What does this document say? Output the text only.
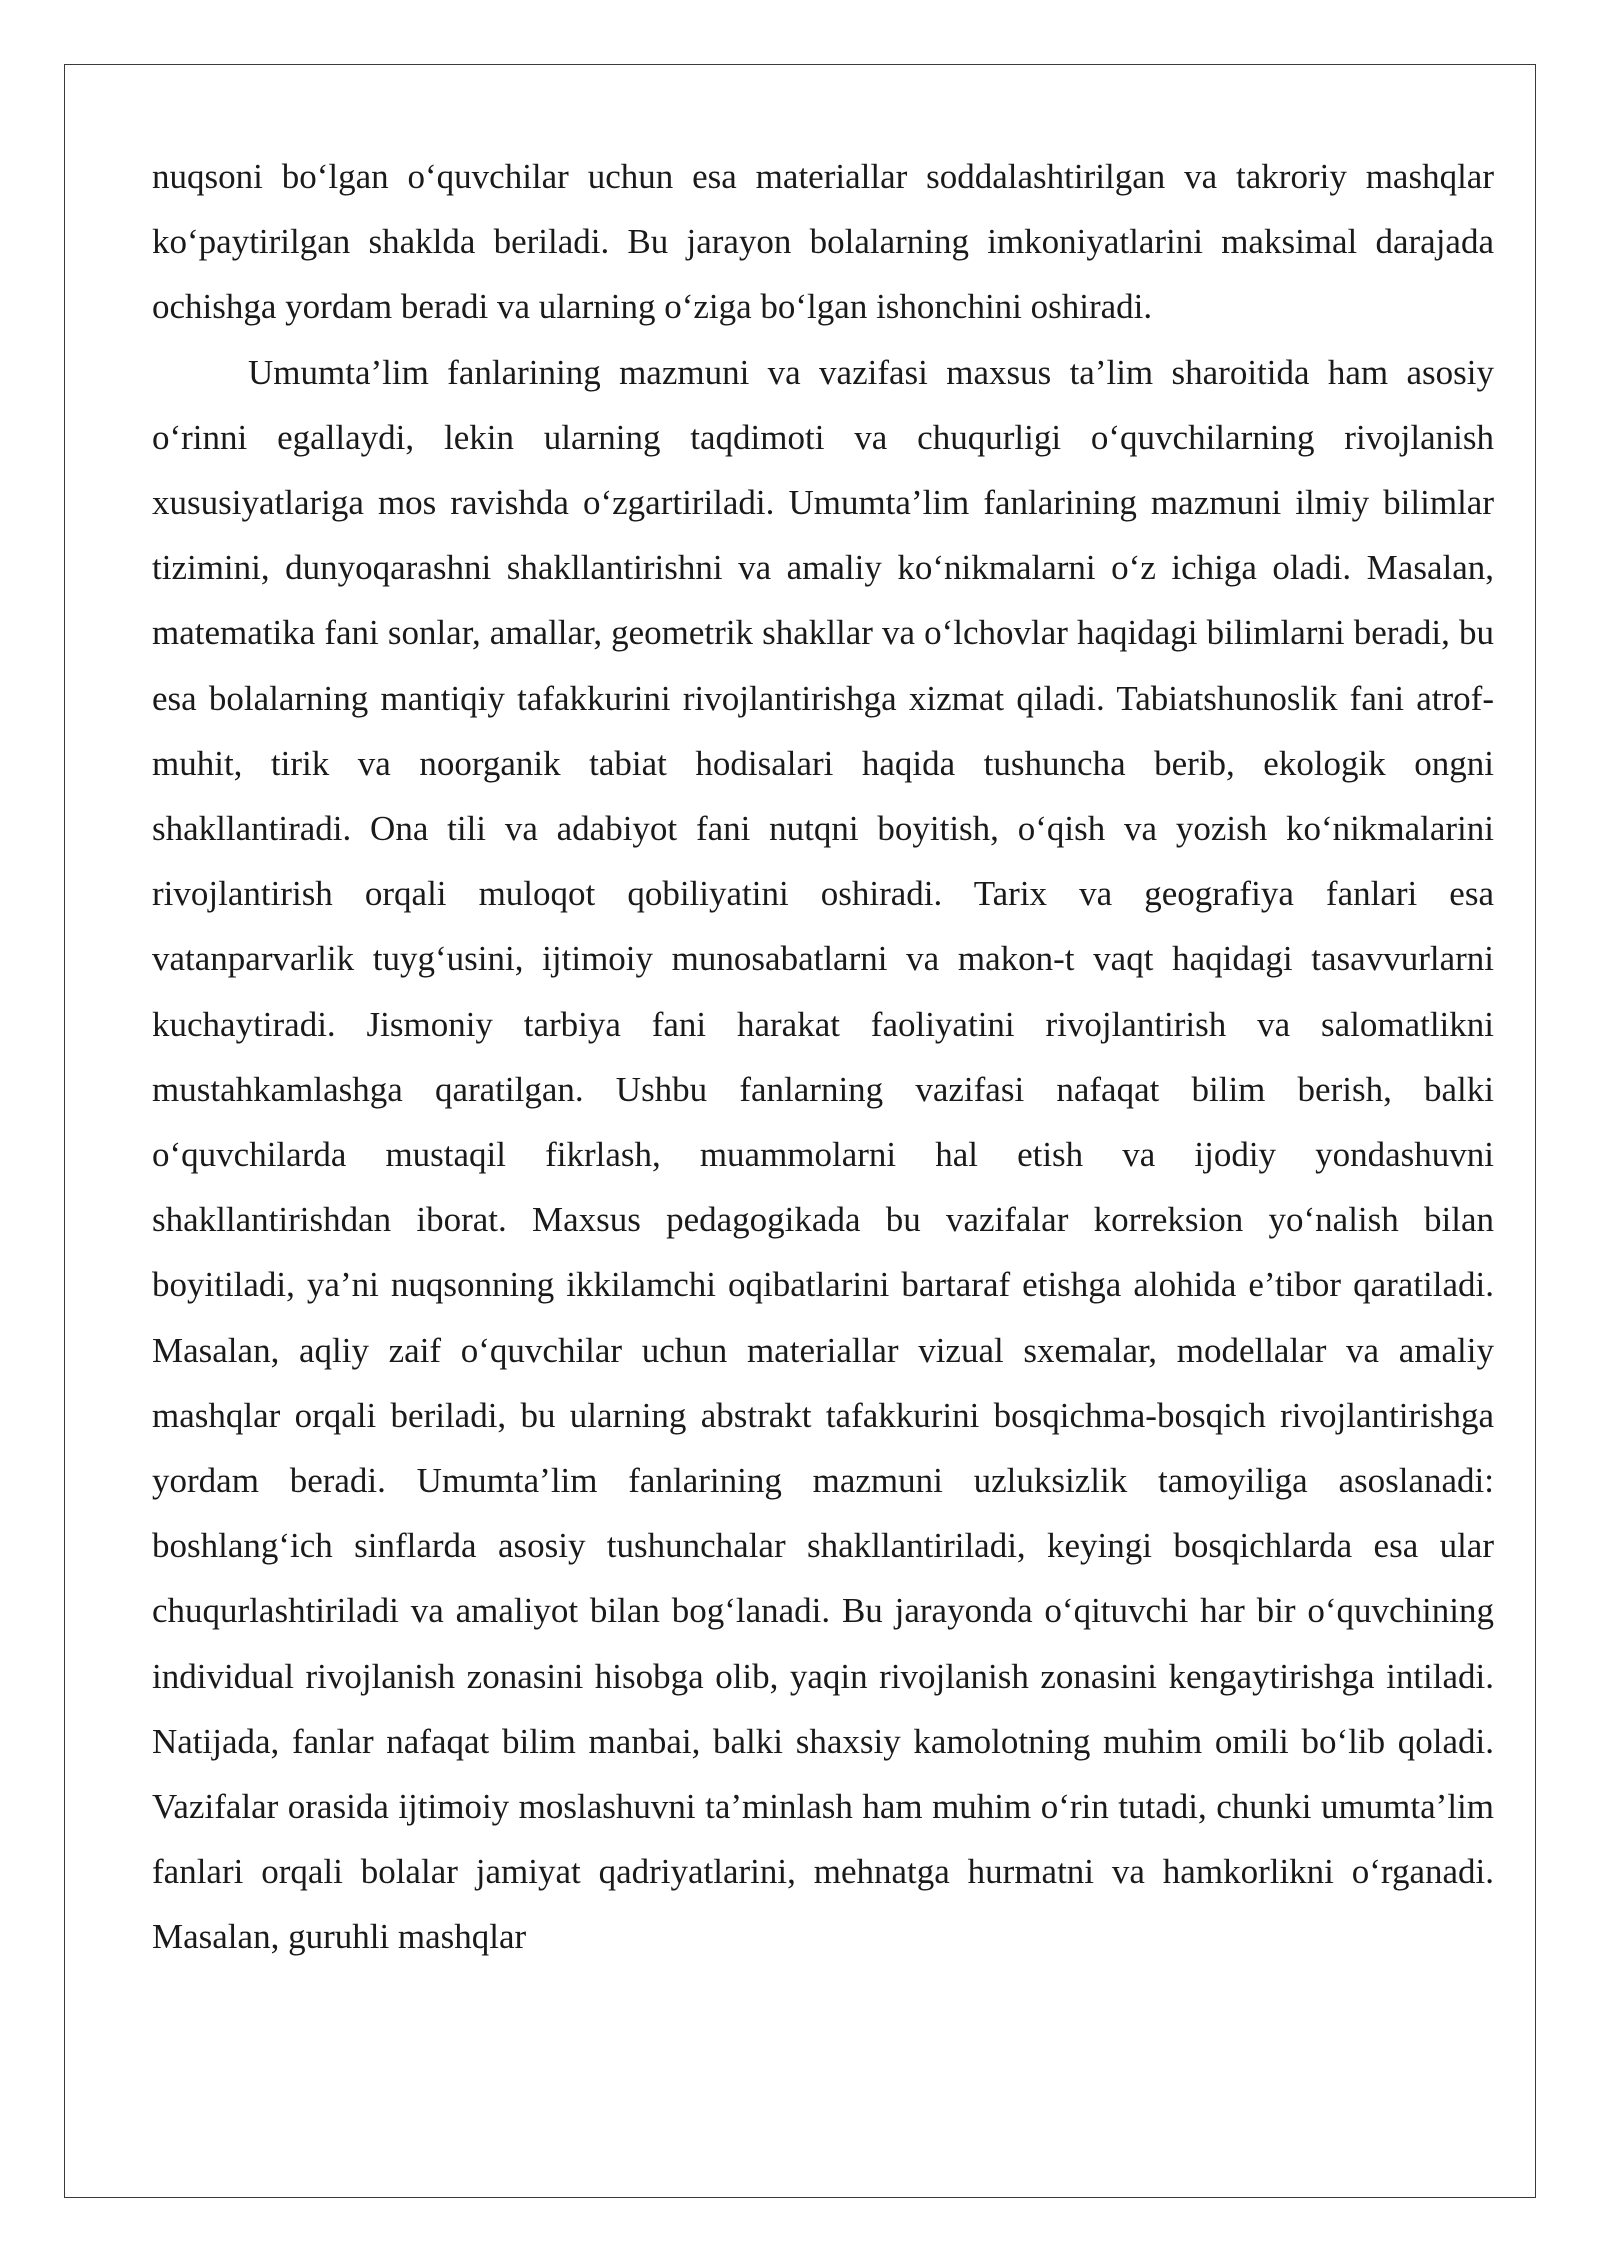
nuqsoni bo‘lgan o‘quvchilar uchun esa materiallar soddalashtirilgan va takroriy mashqlar ko‘paytirilgan shaklda beriladi. Bu jarayon bolalarning imkoniyatlarini maksimal darajada ochishga yordam beradi va ularning o‘ziga bo‘lgan ishonchini oshiradi.

Umumta’lim fanlarining mazmuni va vazifasi maxsus ta’lim sharoitida ham asosiy o‘rinni egallaydi, lekin ularning taqdimoti va chuqurligi o‘quvchilarning rivojlanish xususiyatlariga mos ravishda o‘zgartiriladi. Umumta’lim fanlarining mazmuni ilmiy bilimlar tizimini, dunyoqarashni shakllantirishni va amaliy ko‘nikmalarni o‘z ichiga oladi. Masalan, matematika fani sonlar, amallar, geometrik shakllar va o‘lchovlar haqidagi bilimlarni beradi, bu esa bolalarning mantiqiy tafakkurini rivojlantirishga xizmat qiladi. Tabiatshunoslik fani atrof-muhit, tirik va noorganik tabiat hodisalari haqida tushuncha berib, ekologik ongni shakllantiradi. Ona tili va adabiyot fani nutqni boyitish, o‘qish va yozish ko‘nikmalarini rivojlantirish orqali muloqot qobiliyatini oshiradi. Tarix va geografiya fanlari esa vatanparvarlik tuyg‘usini, ijtimoiy munosabatlarni va makon-t vaqt haqidagi tasavvurlarni kuchaytiradi. Jismoniy tarbiya fani harakat faoliyatini rivojlantirish va salomatlikni mustahkamlashga qaratilgan. Ushbu fanlarning vazifasi nafaqat bilim berish, balki o‘quvchilarda mustaqil fikrlash, muammolarni hal etish va ijodiy yondashuvni shakllantirishdan iborat. Maxsus pedagogikada bu vazifalar korreksion yo‘nalish bilan boyitiladi, ya’ni nuqsonning ikkilamchi oqibatlarini bartaraf etishga alohida e’tibor qaratiladi. Masalan, aqliy zaif o‘quvchilar uchun materiallar vizual sxemalar, modellalar va amaliy mashqlar orqali beriladi, bu ularning abstrakt tafakkurini bosqichma-bosqich rivojlantirishga yordam beradi. Umumta’lim fanlarining mazmuni uzluksizlik tamoyiliga asoslanadi: boshlang‘ich sinflarda asosiy tushunchalar shakllantiriladi, keyingi bosqichlarda esa ular chuqurlashtiriladi va amaliyot bilan bog‘lanadi. Bu jarayonda o‘qituvchi har bir o‘quvchining individual rivojlanish zonasini hisobga olib, yaqin rivojlanish zonasini kengaytirishga intiladi. Natijada, fanlar nafaqat bilim manbai, balki shaxsiy kamolotning muhim omili bo‘lib qoladi. Vazifalar orasida ijtimoiy moslashuvni ta’minlash ham muhim o‘rin tutadi, chunki umumta’lim fanlari orqali bolalar jamiyat qadriyatlarini, mehnatga hurmatni va hamkorlikni o‘rganadi. Masalan, guruhli mashqlar
